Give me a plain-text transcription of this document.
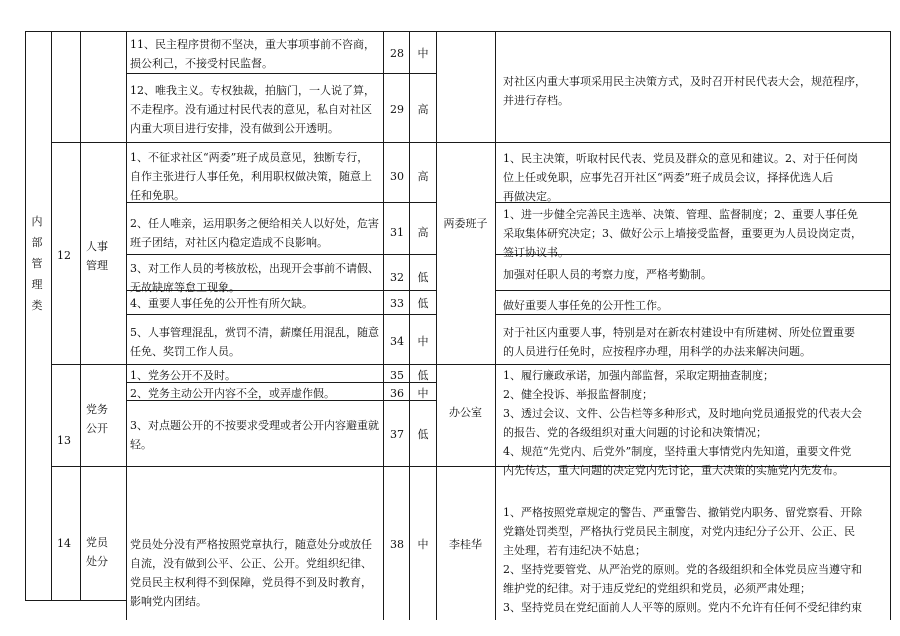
内部管理类
12
13
14
人事管理
党务公开
党员处分
11、民主程序贯彻不坚决，重大事项事前不咨商，
损公利己，不接受村民监督。
12、唯我主义。专权独裁，拍脑门，一人说了算，
不走程序。没有通过村民代表的意见，私自对社区
内重大项目进行安排，没有做到公开透明。
1、不征求社区“两委”班子成员意见，独断专行，
自作主张进行人事任免，利用职权做决策，随意上
任和免职。
2、任人唯亲，运用职务之便给相关人以好处，危害
班子团结，对社区内稳定造成不良影响。
3、对工作人员的考核放松，出现开会事前不请假、
无故缺席等怠工现象。
4、重要人事任免的公开性有所欠缺。
5、人事管理混乱，赏罚不清，薪糜任用混乱，随意
任免、奖罚工作人员。
1、党务公开不及时。
2、党务主动公开内容不全，或弄虚作假。
3、对点题公开的不按要求受理或者公开内容避重就
轻。
党员处分没有严格按照党章执行，随意处分或放任
自流，没有做到公平、公正、公开。党组织纪律、
党员民主权利得不到保障，党员得不到及时教育，
影响党内团结。
28
29
30
31
32
33
34
35
36
37
38
中
高
高
高
低
低
中
低
中
低
中
两委班子
办公室
李桂华
对社区内重大事项采用民主决策方式，及时召开村民代表大会，规范程序，
并进行存档。
1、民主决策，听取村民代表、党员及群众的意见和建议。2、对于任何岗
位上任或免职，应事先召开社区“两委”班子成员会议，择择优选人后
再做决定。
1、进一步健全完善民主选举、决策、管理、监督制度；2、重要人事任免
采取集体研究决定；3、做好公示上墙接受监督，重要更为人员设岗定责，
签订协议书。
加强对任职人员的考察力度，严格考勤制。
做好重要人事任免的公开性工作。
对于社区内重要人事，特别是对在新农村建设中有所建树、所处位置重要
的人员进行任免时，应按程序办理，用科学的办法来解决问题。
1、履行廉政承诺，加强内部监督，采取定期抽查制度；
2、健全投诉、举报监督制度；
3、透过会议、文件、公告栏等多种形式，及时地向党员通报党的代表大会
的报告、党的各级组织对重大问题的讨论和决策情况；
4、规范“先党内、后党外”制度，坚持重大事情党内先知道，重要文件党
内先传达，重大问题的决定党内先讨论，重大决策的实施党内先发布。
1、严格按照党章规定的警告、严重警告、撤销党内职务、留党察看、开除
党籍处罚类型，严格执行党员民主制度，对党内违纪分子公开、公正、民
主处理，若有违纪决不姑息；
2、坚持党要管党、从严治党的原则。党的各级组织和全体党员应当遵守和
维护党的纪律。对于违反党纪的党组织和党员，必须严肃处理；
3、坚持党员在党纪面前人人平等的原则。党内不允许有任何不受纪律约束
